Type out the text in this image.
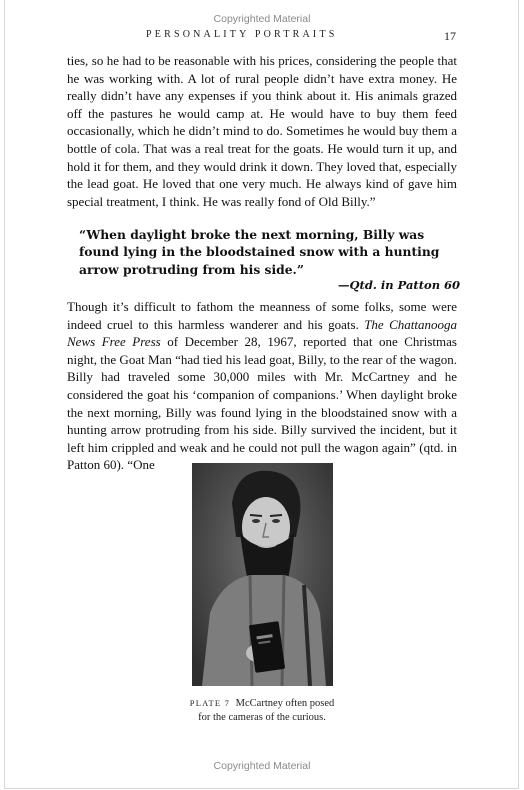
Copyrighted Material
PERSONALITY PORTRAITS	17

ties, so he had to be reasonable with his prices, considering the people that he was working with. A lot of rural people didn’t have extra money. He really didn’t have any expenses if you think about it. His animals grazed off the pastures he would camp at. He would have to buy them feed occasionally, which he didn’t mind to do. Sometimes he would buy them a bottle of cola. That was a real treat for the goats. He would turn it up, and hold it for them, and they would drink it down. They loved that, especially the lead goat. He loved that one very much. He always kind of gave him special treatment, I think. He was really fond of Old Billy.”

“When daylight broke the next morning, Billy was found lying in the bloodstained snow with a hunting arrow protruding from his side.”
—Qtd. in Patton 60

Though it’s difficult to fathom the meanness of some folks, some were indeed cruel to this harmless wanderer and his goats. The Chattanooga News Free Press of December 28, 1967, reported that one Christmas night, the Goat Man “had tied his lead goat, Billy, to the rear of the wagon. Billy had traveled some 30,000 miles with Mr. McCartney and he considered the goat his ‘companion of companions.’ When daylight broke the next morning, Billy was found lying in the bloodstained snow with a hunting arrow protruding from his side. Billy survived the incident, but it left him crippled and weak and he could not pull the wagon again” (qtd. in Patton 60). “One

PLATE 7 McCartney often posed
for the cameras of the curious.
Copyrighted Material
